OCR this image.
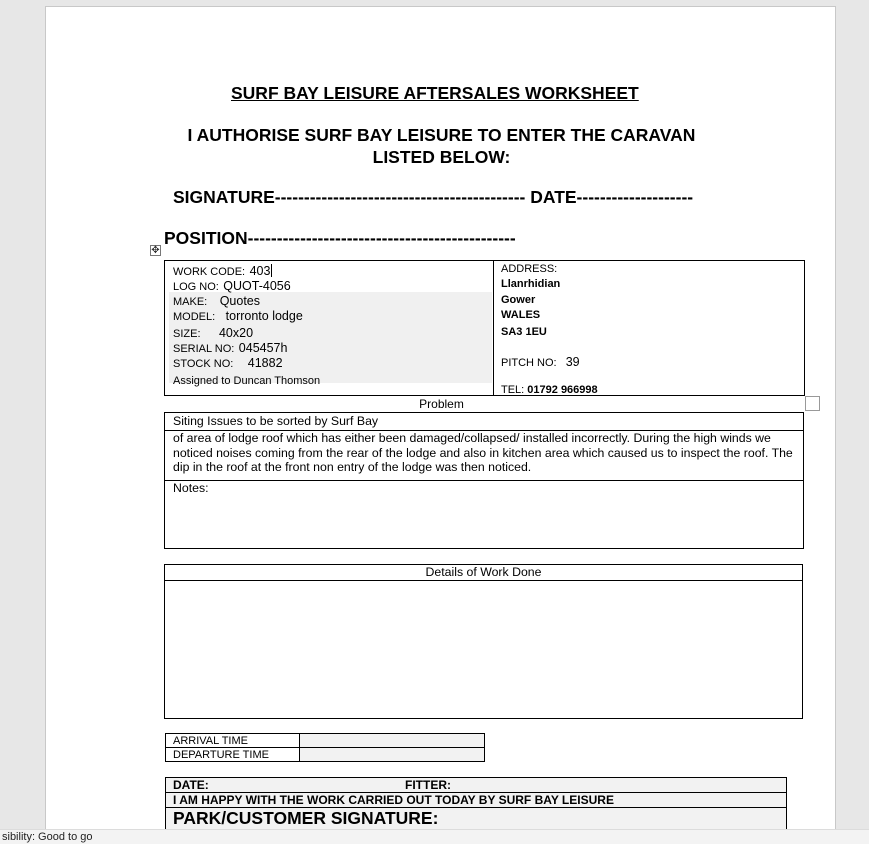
SURF BAY LEISURE AFTERSALES WORKSHEET
I AUTHORISE SURF BAY LEISURE TO ENTER THE CARAVAN
LISTED BELOW:
SIGNATURE------------------------------------------- DATE--------------------
POSITION----------------------------------------------
✥
WORK CODE: 403
LOG NO: QUOT-4056
MAKE: Quotes
MODEL: torronto lodge
SIZE: 40x20
SERIAL NO: 045457h
STOCK NO: 41882
Assigned to Duncan Thomson
ADDRESS:
Llanrhidian
Gower
WALES
SA3 1EU
PITCH NO: 39
TEL: 01792 966998
Problem
Siting Issues to be sorted by Surf Bay
of area of lodge roof which has either been damaged/collapsed/ installed incorrectly. During the high winds we noticed noises coming from the rear of the lodge and also in kitchen area which caused us to inspect the roof. The dip in the roof at the front non entry of the lodge was then noticed.
Notes:
Details of Work Done
ARRIVAL TIME
DEPARTURE TIME
DATE:	FITTER:
I AM HAPPY WITH THE WORK CARRIED OUT TODAY BY SURF BAY LEISURE
PARK/CUSTOMER SIGNATURE:
sibility: Good to go
